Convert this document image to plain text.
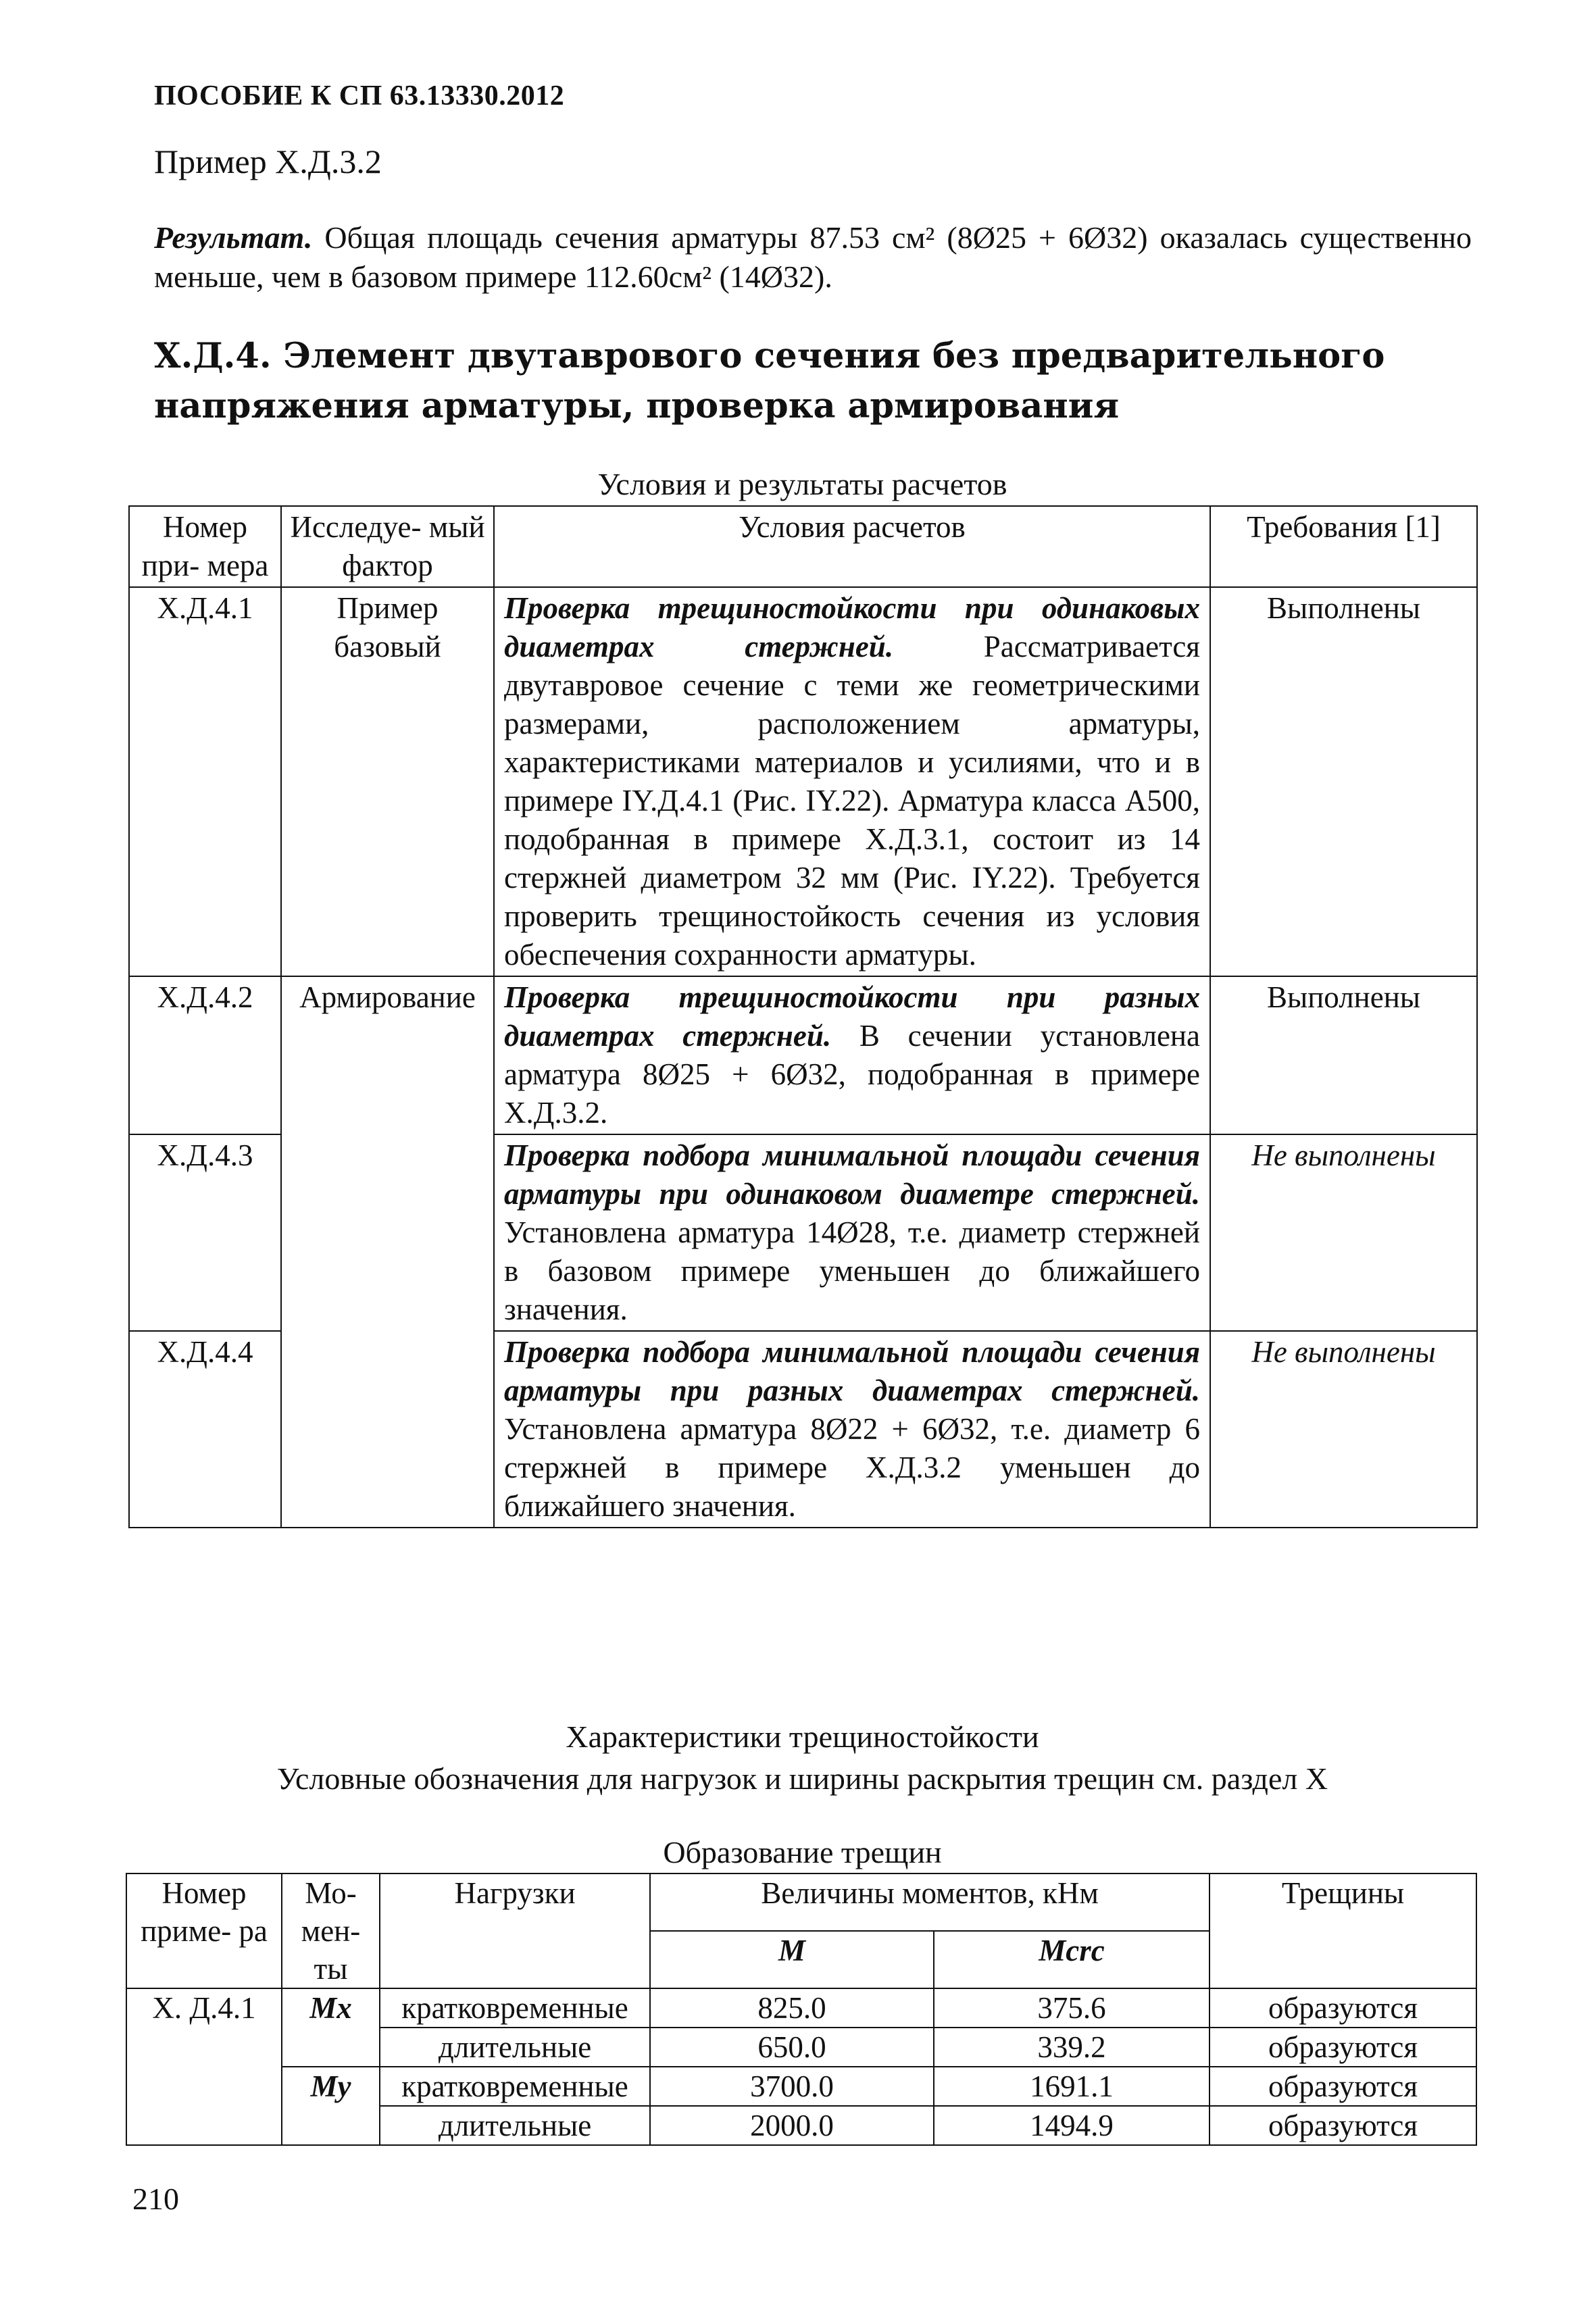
ПОСОБИЕ К СП 63.13330.2012
Пример Х.Д.3.2
Результат. Общая площадь сечения арматуры 87.53 см² (8Ø25 + 6Ø32) оказалась существенно меньше, чем в базовом примере 112.60см² (14Ø32).
Х.Д.4. Элемент двутаврового сечения без предварительного напряжения арматуры, проверка армирования
Условия и результаты расчетов
Номер при- мера	Исследуе- мый фактор	Условия расчетов	Требования [1]
Х.Д.4.1	Пример базовый	Проверка трещиностойкости при одинаковых диаметрах стержней. Рассматривается двутавровое сечение с теми же геометрическими размерами, расположением арматуры, характеристиками материалов и усилиями, что и в примере IY.Д.4.1 (Рис. IY.22). Арматура класса А500, подобранная в примере Х.Д.3.1, состоит из 14 стержней диаметром 32 мм (Рис. IY.22). Требуется проверить трещиностойкость сечения из условия обеспечения сохранности арматуры.	Выполнены
Х.Д.4.2	Армирование	Проверка трещиностойкости при разных диаметрах стержней. В сечении установлена арматура 8Ø25 + 6Ø32, подобранная в примере Х.Д.3.2.	Выполнены
Х.Д.4.3		Проверка подбора минимальной площади сечения арматуры при одинаковом диаметре стержней. Установлена арматура 14Ø28, т.е. диаметр стержней в базовом примере уменьшен до ближайшего значения.	Не выполнены
Х.Д.4.4		Проверка подбора минимальной площади сечения арматуры при разных диаметрах стержней. Установлена арматура 8Ø22 + 6Ø32, т.е. диаметр 6 стержней в примере Х.Д.3.2 уменьшен до ближайшего значения.	Не выполнены
Характеристики трещиностойкости
Условные обозначения для нагрузок и ширины раскрытия трещин см. раздел Х
Образование трещин
Номер приме- ра	Мо- мен- ты	Нагрузки	Величины моментов, кНм		Трещины
			M	Mcrc	
Х. Д.4.1	Mx	кратковременные	825.0	375.6	образуются
		длительные	650.0	339.2	образуются
	My	кратковременные	3700.0	1691.1	образуются
		длительные	2000.0	1494.9	образуются
210
